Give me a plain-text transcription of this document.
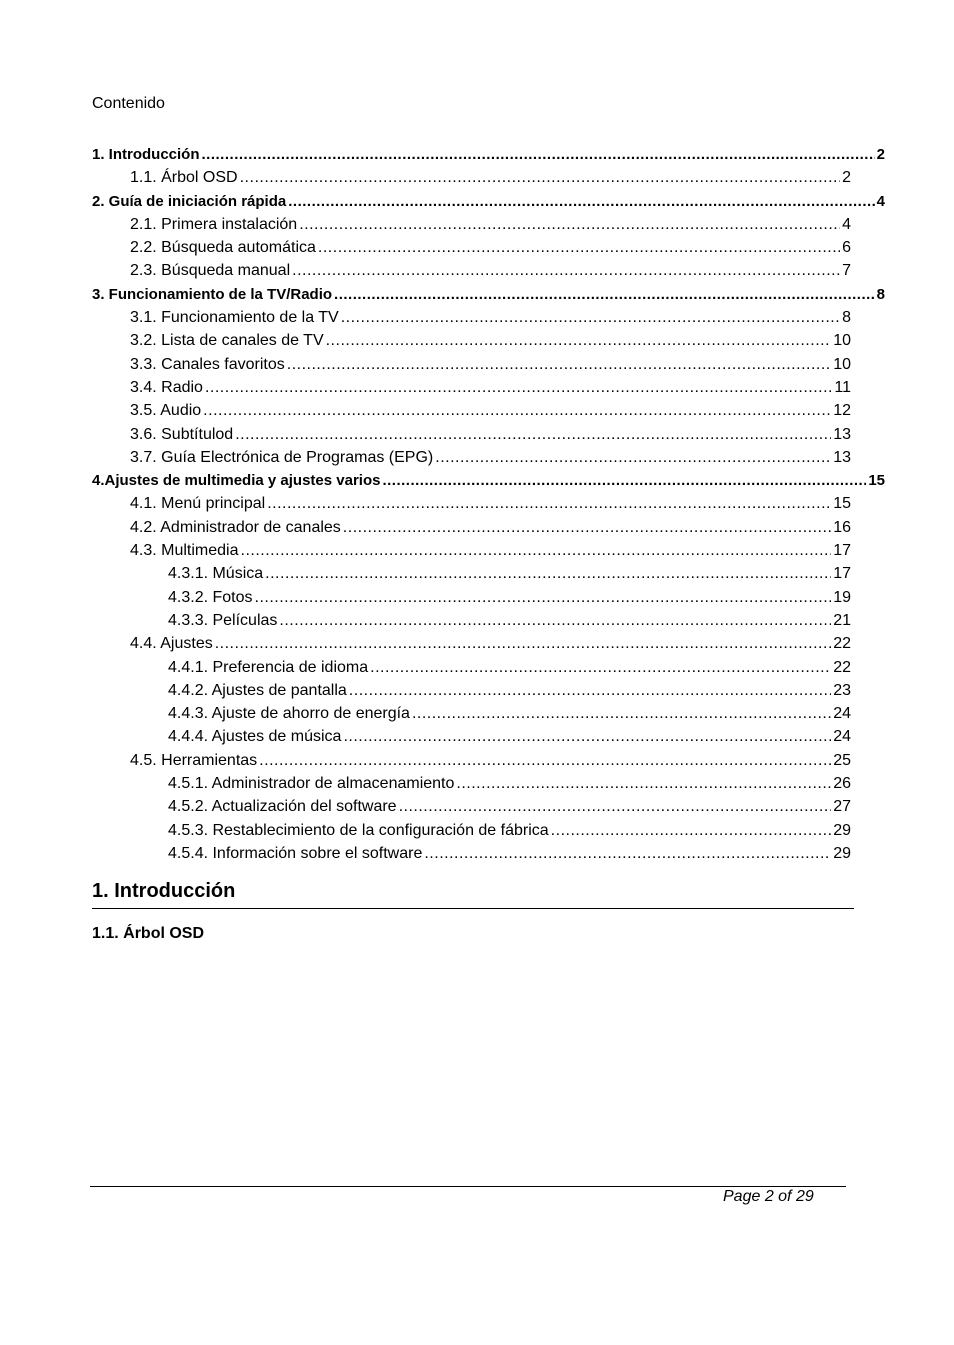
Contenido
1. Introducción .....	2
1.1. Árbol OSD .....	2
2. Guía de iniciación rápida .....	4
2.1. Primera instalación .....	4
2.2. Búsqueda automática .....	6
2.3. Búsqueda manual .....	7
3. Funcionamiento de la TV/Radio .....	8
3.1. Funcionamiento de la TV .....	8
3.2. Lista de canales de TV .....	10
3.3. Canales favoritos .....	10
3.4. Radio .....	11
3.5. Audio .....	12
3.6. Subtítulod .....	13
3.7. Guía Electrónica de Programas (EPG) .....	13
4.Ajustes de multimedia y ajustes varios .....	15
4.1. Menú principal .....	15
4.2. Administrador de canales .....	16
4.3. Multimedia .....	17
4.3.1. Música .....	17
4.3.2. Fotos .....	19
4.3.3. Películas .....	21
4.4. Ajustes .....	22
4.4.1. Preferencia de idioma .....	22
4.4.2. Ajustes de pantalla .....	23
4.4.3. Ajuste de ahorro de energía .....	24
4.4.4. Ajustes de música .....	24
4.5. Herramientas .....	25
4.5.1. Administrador de almacenamiento .....	26
4.5.2. Actualización del software .....	27
4.5.3. Restablecimiento de la configuración de fábrica .....	29
4.5.4. Información sobre el software .....	29
1. Introducción
1.1. Árbol OSD
Page 2 of 29
